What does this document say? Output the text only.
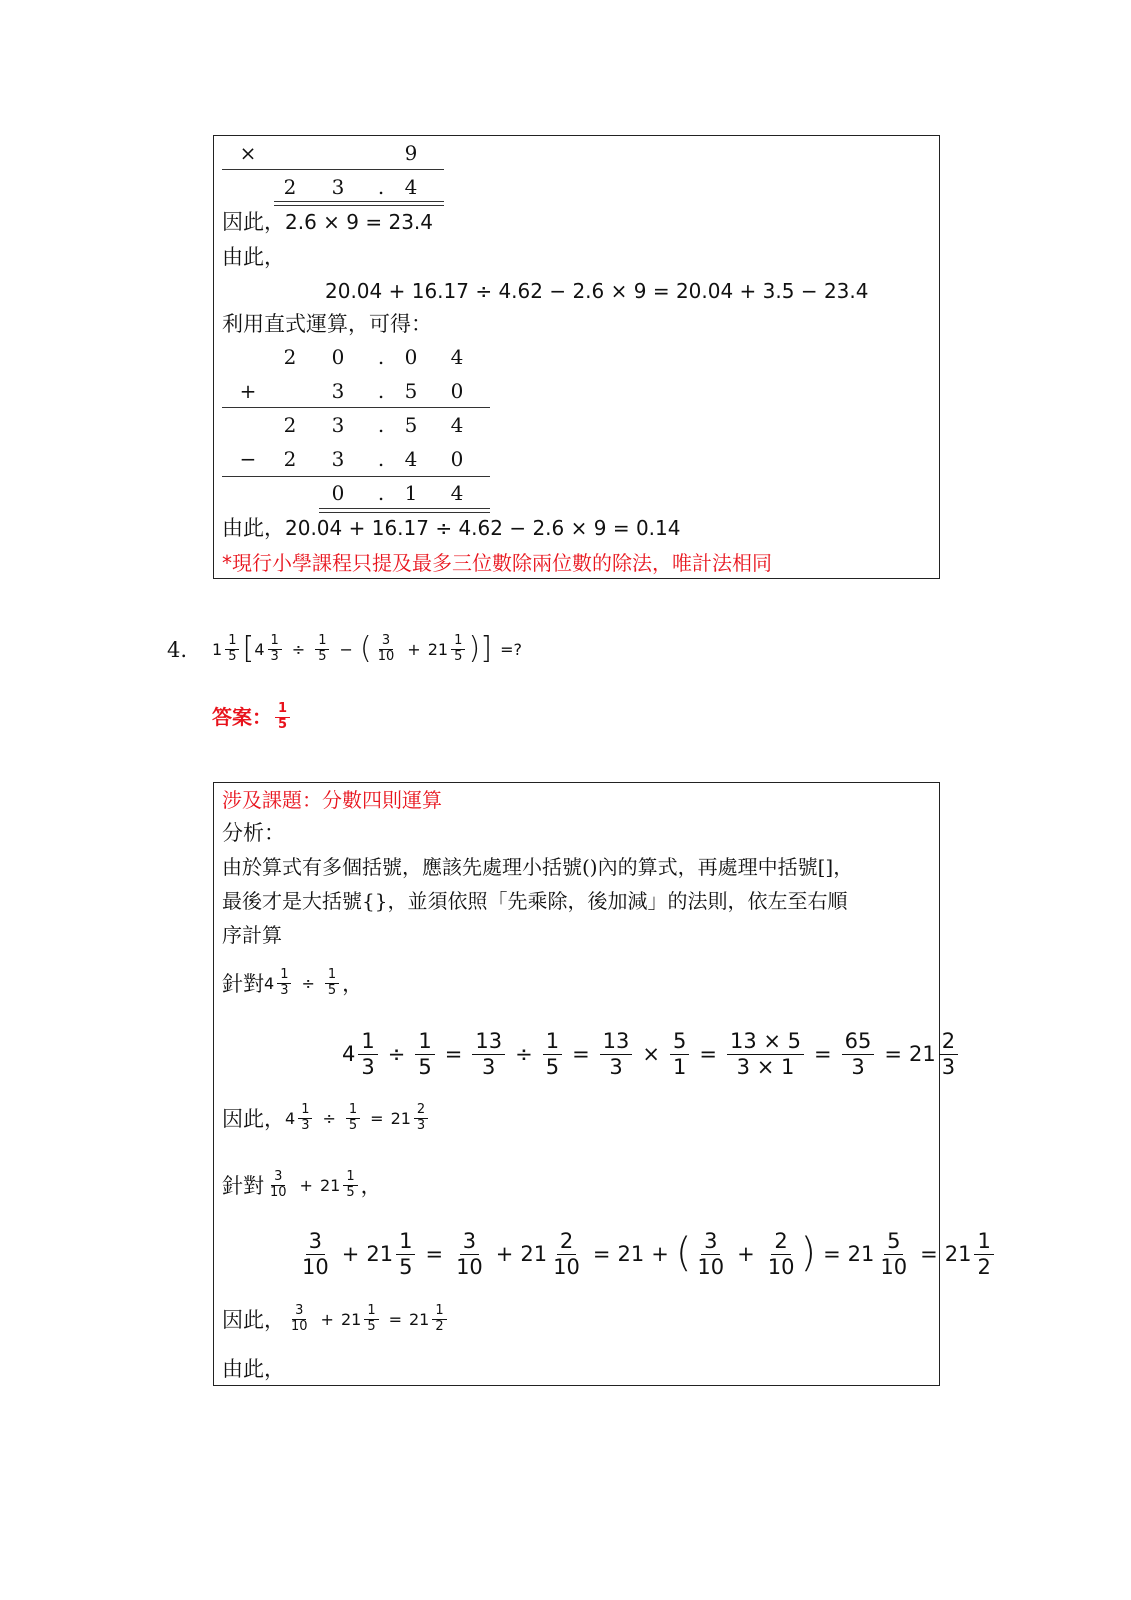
×	9
2 3	.	4
因此，2.6 × 9 = 23.4
由此，
20.04 + 16.17 ÷ 4.62 − 2.6 × 9 = 20.04 + 3.5 − 23.4
利用直式運算，可得：
2 0	.	0 4
+	3	.	5 0
2 3	.	5 4
− 2 3	.	4 0
0	.	1 4
由此，20.04 + 16.17 ÷ 4.62 − 2.6 × 9 = 0.14
*現行小學課程只提及最多三位數除兩位數的除法，唯計法相同
4. $1 \frac{1}{5}$ [ $4 \frac{1}{3} \div \frac{1}{5}$ − ( $\frac{3}{10} + 21 \frac{1}{5}$ ) ] =?
答案： $\frac{1}{5}$
涉及課題：分數四則運算
分析：
由於算式有多個括號，應該先處理小括號()內的算式，再處理中括號[]，
最後才是大括號{}，並須依照「先乘除，後加減」的法則，依左至右順
序計算
針對 $4 \frac{1}{3} \div \frac{1}{5}$ ，
$4 \frac{1}{3} \div \frac{1}{5} = \frac{13}{3} \div \frac{1}{5} = \frac{13}{3} \times \frac{5}{1} = \frac{13 \times 5}{3 \times 1} = \frac{65}{3} = 21 \frac{2}{3}$
因此， $4 \frac{1}{3} \div \frac{1}{5} = 21 \frac{2}{3}$
針對 $\frac{3}{10} + 21 \frac{1}{5}$ ，
$\frac{3}{10} + 21 \frac{1}{5} = \frac{3}{10} + 21 \frac{2}{10} = 21$ + ( $\frac{3}{10} + \frac{2}{10}$ ) = $21 \frac{5}{10} = 21 \frac{1}{2}$
因此， $\frac{3}{10} + 21 \frac{1}{5} = 21 \frac{1}{2}$
由此，
